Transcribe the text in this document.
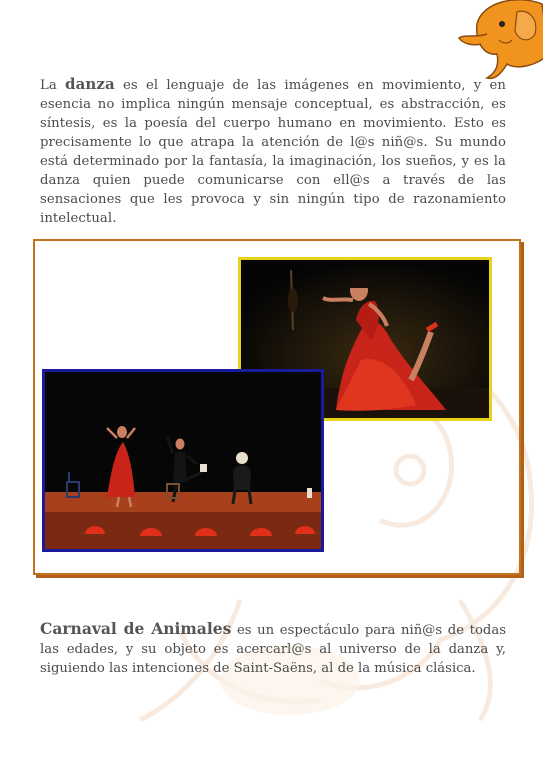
La danza es el lenguaje de las imágenes en movimiento, y en esencia no implica ningún mensaje conceptual, es abstracción, es síntesis, es la poesía del cuerpo humano en movimiento. Esto es precisamente lo que atrapa la atención de l@s niñ@s. Su mundo está determinado por la fantasía, la imaginación, los sueños, y es la danza quien puede comunicarse con ell@s a través de las sensaciones que les provoca y sin ningún tipo de razonamiento intelectual.

Carnaval de Animales es un espectáculo para niñ@s de todas las edades, y su objeto es acercarl@s al universo de la danza y, siguiendo las intenciones de Saint-Saëns, al de la música clásica.
